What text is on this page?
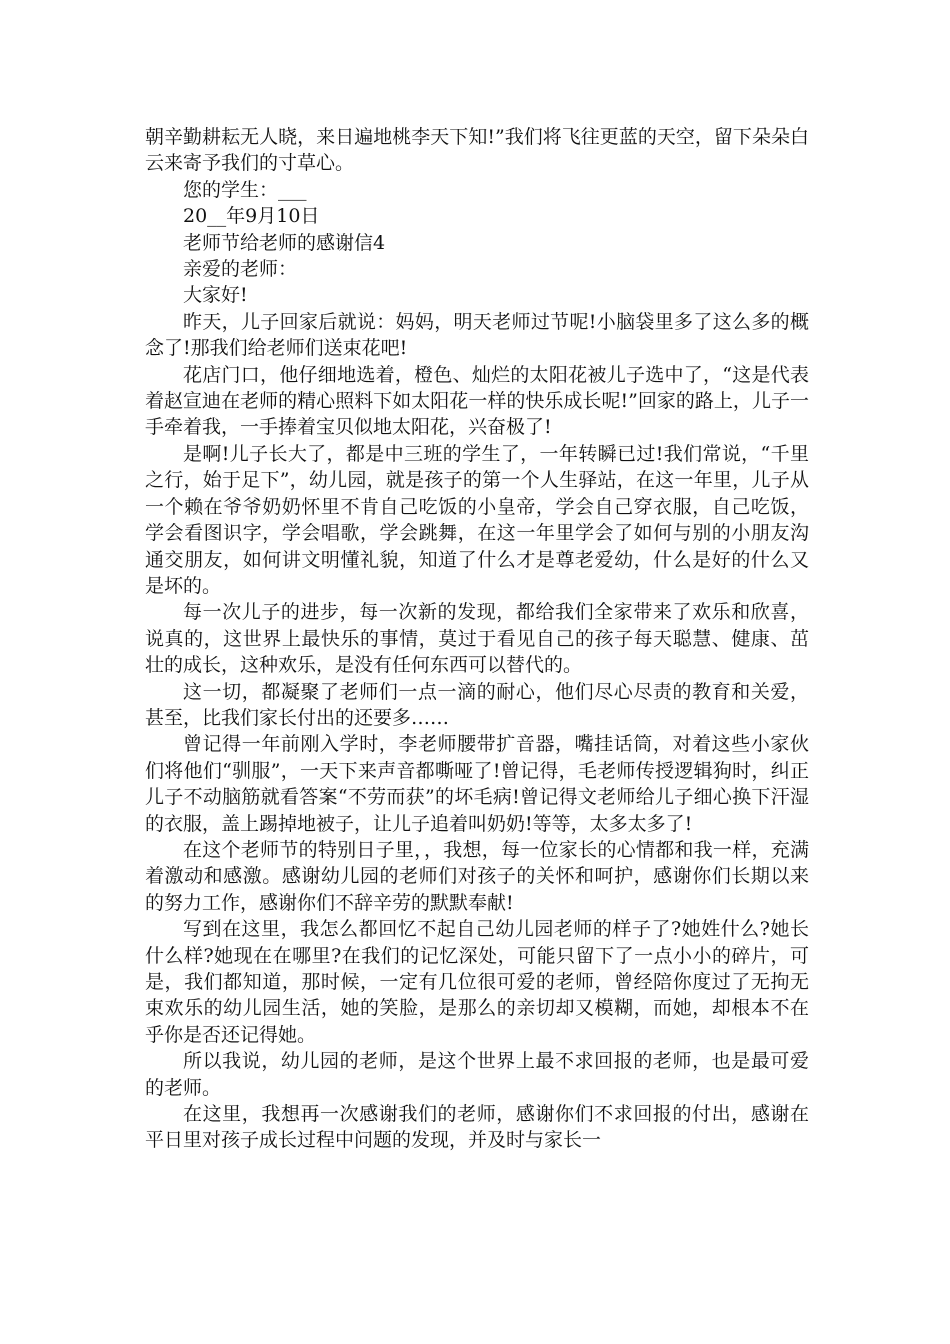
朝辛勤耕耘无人晓，来日遍地桃李天下知!”我们将飞往更蓝的天空，留下朵朵白云来寄予我们的寸草心。

您的学生：___

20__年9月10日

老师节给老师的感谢信4

亲爱的老师：

大家好!

昨天，儿子回家后就说：妈妈，明天老师过节呢!小脑袋里多了这么多的概念了!那我们给老师们送束花吧!

花店门口，他仔细地选着，橙色、灿烂的太阳花被儿子选中了，“这是代表着赵宣迪在老师的精心照料下如太阳花一样的快乐成长呢!”回家的路上，儿子一手牵着我，一手捧着宝贝似地太阳花，兴奋极了!

是啊!儿子长大了，都是中三班的学生了，一年转瞬已过!我们常说，“千里之行，始于足下”，幼儿园，就是孩子的第一个人生驿站，在这一年里，儿子从一个赖在爷爷奶奶怀里不肯自己吃饭的小皇帝，学会自己穿衣服，自己吃饭，学会看图识字，学会唱歌，学会跳舞，在这一年里学会了如何与别的小朋友沟通交朋友，如何讲文明懂礼貌，知道了什么才是尊老爱幼，什么是好的什么又是坏的。

每一次儿子的进步，每一次新的发现，都给我们全家带来了欢乐和欣喜，说真的，这世界上最快乐的事情，莫过于看见自己的孩子每天聪慧、健康、茁壮的成长，这种欢乐，是没有任何东西可以替代的。

这一切，都凝聚了老师们一点一滴的耐心，他们尽心尽责的教育和关爱，甚至，比我们家长付出的还要多……

曾记得一年前刚入学时，李老师腰带扩音器，嘴挂话筒，对着这些小家伙们将他们“驯服”，一天下来声音都嘶哑了!曾记得，毛老师传授逻辑狗时，纠正儿子不动脑筋就看答案“不劳而获”的坏毛病!曾记得文老师给儿子细心换下汗湿的衣服，盖上踢掉地被子，让儿子追着叫奶奶!等等，太多太多了!

在这个老师节的特别日子里，，我想，每一位家长的心情都和我一样，充满着激动和感激。感谢幼儿园的老师们对孩子的关怀和呵护，感谢你们长期以来的努力工作，感谢你们不辞辛劳的默默奉献!

写到在这里，我怎么都回忆不起自己幼儿园老师的样子了?她姓什么?她长什么样?她现在在哪里?在我们的记忆深处，可能只留下了一点小小的碎片，可是，我们都知道，那时候，一定有几位很可爱的老师，曾经陪你度过了无拘无束欢乐的幼儿园生活，她的笑脸，是那么的亲切却又模糊，而她，却根本不在乎你是否还记得她。

所以我说，幼儿园的老师，是这个世界上最不求回报的老师，也是最可爱的老师。

在这里，我想再一次感谢我们的老师，感谢你们不求回报的付出，感谢在平日里对孩子成长过程中问题的发现，并及时与家长一
